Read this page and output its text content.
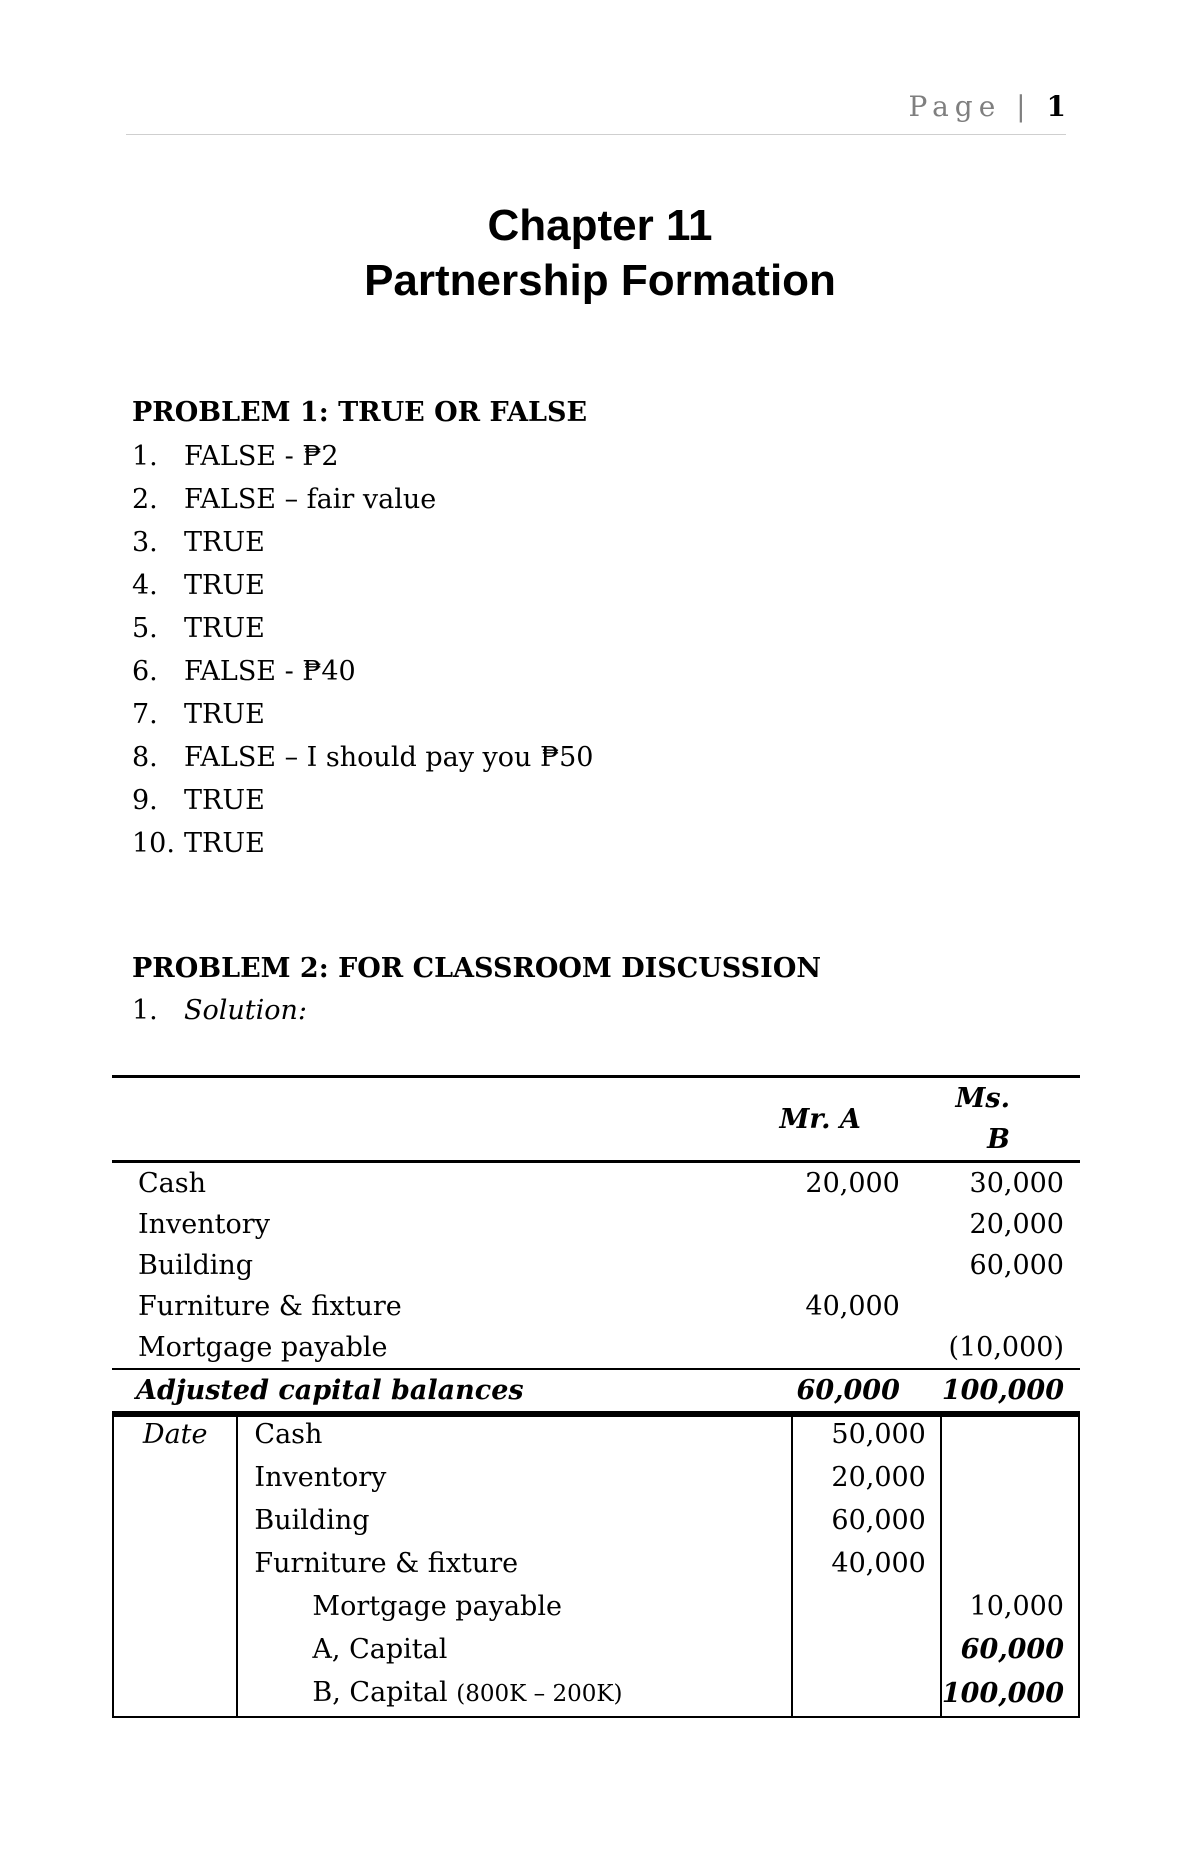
Page | 1
Chapter 11
Partnership Formation
PROBLEM 1: TRUE OR FALSE
1. FALSE - ₱2
2. FALSE – fair value
3. TRUE
4. TRUE
5. TRUE
6. FALSE - ₱40
7. TRUE
8. FALSE – I should pay you ₱50
9. TRUE
10. TRUE
PROBLEM 2: FOR CLASSROOM DISCUSSION
1. Solution:
	Mr. A	Ms. B
Cash	20,000	30,000
Inventory		20,000
Building		60,000
Furniture & fixture	40,000	
Mortgage payable		(10,000)
Adjusted capital balances	60,000	100,000
Date	Cash	50,000	
	Inventory	20,000	
	Building	60,000	
	Furniture & fixture	40,000	
	Mortgage payable		10,000
	A, Capital		60,000
	B, Capital (800K – 200K)		100,000
